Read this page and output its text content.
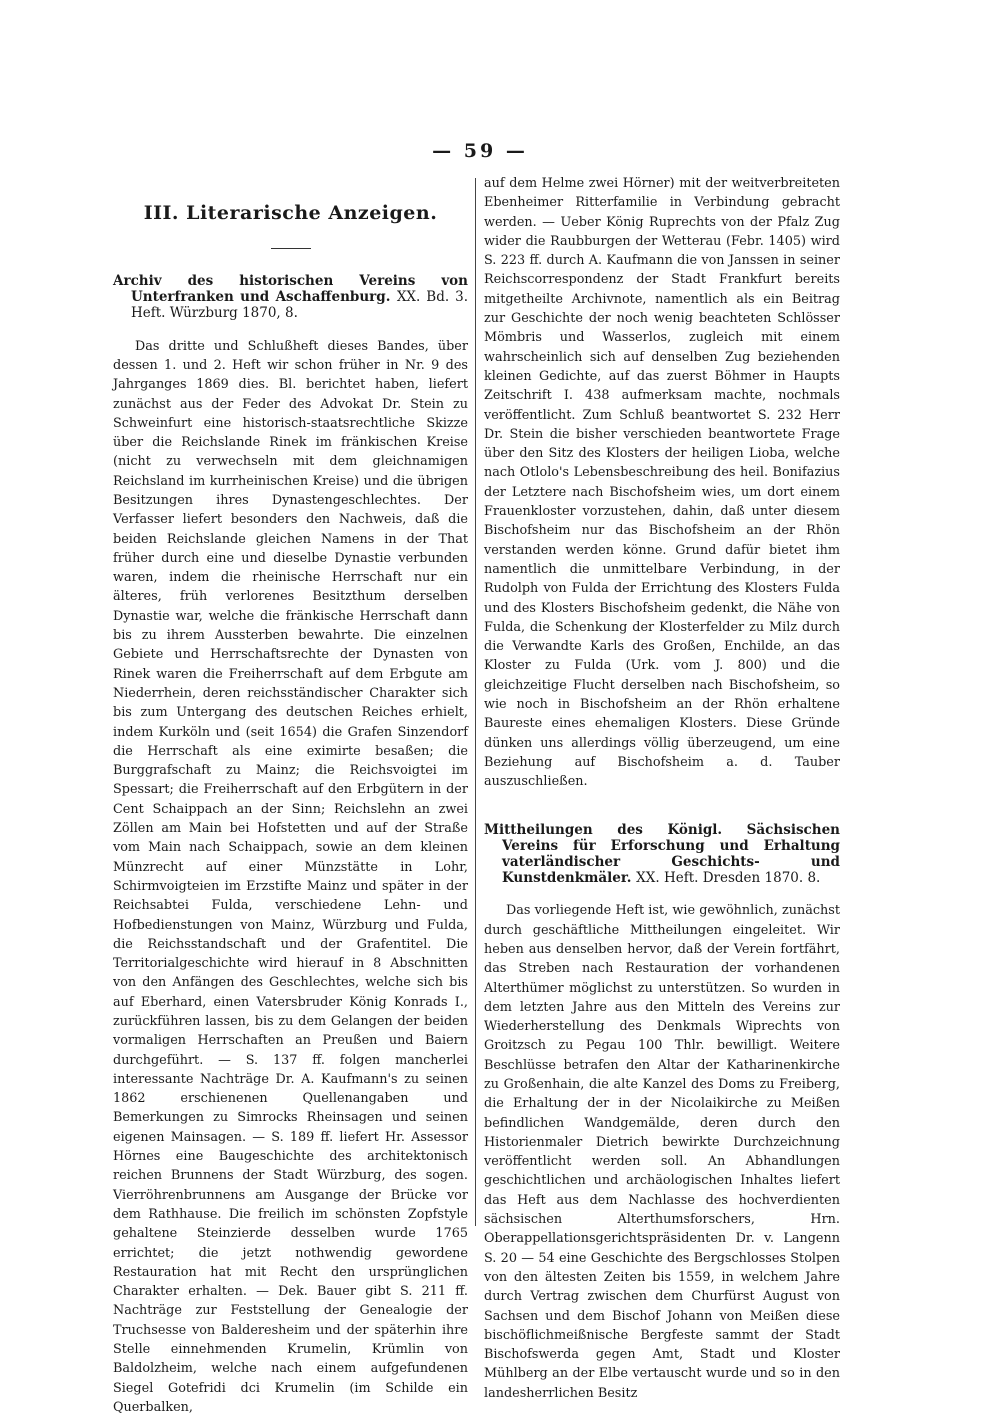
— 59 —
III. Literarische Anzeigen.

Archiv des historischen Vereins von Unterfranken und Aschaffenburg. XX. Bd. 3. Heft. Würzburg 1870, 8.

Das dritte und Schlußheft dieses Bandes, über dessen 1. und 2. Heft wir schon früher in Nr. 9 des Jahrganges 1869 dies. Bl. berichtet haben, liefert zunächst aus der Feder des Advokat Dr. Stein zu Schweinfurt eine historisch-staatsrechtliche Skizze über die Reichslande Rinek im fränkischen Kreise (nicht zu verwechseln mit dem gleichnamigen Reichsland im kurrheinischen Kreise) und die übrigen Besitzungen ihres Dynastengeschlechtes. Der Verfasser liefert besonders den Nachweis, daß die beiden Reichslande gleichen Namens in der That früher durch eine und dieselbe Dynastie verbunden waren, indem die rheinische Herrschaft nur ein älteres, früh verlorenes Besitzthum derselben Dynastie war, welche die fränkische Herrschaft dann bis zu ihrem Aussterben bewahrte. Die einzelnen Gebiete und Herrschaftsrechte der Dynasten von Rinek waren die Freiherrschaft auf dem Erbgute am Niederrhein, deren reichsständischer Charakter sich bis zum Untergang des deutschen Reiches erhielt, indem Kurköln und (seit 1654) die Grafen Sinzendorf die Herrschaft als eine eximirte besaßen; die Burggrafschaft zu Mainz; die Reichsvoigtei im Spessart; die Freiherrschaft auf den Erbgütern in der Cent Schaippach an der Sinn; Reichslehn an zwei Zöllen am Main bei Hofstetten und auf der Straße vom Main nach Schaippach, sowie an dem kleinen Münzrecht auf einer Münzstätte in Lohr, Schirmvoigteien im Erzstifte Mainz und später in der Reichsabtei Fulda, verschiedene Lehn- und Hofbedienstungen von Mainz, Würzburg und Fulda, die Reichsstandschaft und der Grafentitel. Die Territorialgeschichte wird hierauf in 8 Abschnitten von den Anfängen des Geschlechtes, welche sich bis auf Eberhard, einen Vatersbruder König Konrads I., zurückführen lassen, bis zu dem Gelangen der beiden vormaligen Herrschaften an Preußen und Baiern durchgeführt. — S. 137 ff. folgen mancherlei interessante Nachträge Dr. A. Kaufmann's zu seinen 1862 erschienenen Quellenangaben und Bemerkungen zu Simrocks Rheinsagen und seinen eigenen Mainsagen. — S. 189 ff. liefert Hr. Assessor Hörnes eine Baugeschichte des architektonisch reichen Brunnens der Stadt Würzburg, des sogen. Vierröhrenbrunnens am Ausgange der Brücke vor dem Rathhause. Die freilich im schönsten Zopfstyle gehaltene Steinzierde desselben wurde 1765 errichtet; die jetzt nothwendig gewordene Restauration hat mit Recht den ursprünglichen Charakter erhalten. — Dek. Bauer gibt S. 211 ff. Nachträge zur Feststellung der Genealogie der Truchsesse von Balderesheim und der späterhin ihre Stelle einnehmenden Krumelin, Krümlin von Baldolzheim, welche nach einem aufgefundenen Siegel Gotefridi dci Krumelin (im Schilde ein Querbalken,

auf dem Helme zwei Hörner) mit der weitverbreiteten Ebenheimer Ritterfamilie in Verbindung gebracht werden. — Ueber König Ruprechts von der Pfalz Zug wider die Raubburgen der Wetterau (Febr. 1405) wird S. 223 ff. durch A. Kaufmann die von Janssen in seiner Reichscorrespondenz der Stadt Frankfurt bereits mitgetheilte Archivnote, namentlich als ein Beitrag zur Geschichte der noch wenig beachteten Schlösser Mömbris und Wasserlos, zugleich mit einem wahrscheinlich sich auf denselben Zug beziehenden kleinen Gedichte, auf das zuerst Böhmer in Haupts Zeitschrift I. 438 aufmerksam machte, nochmals veröffentlicht. Zum Schluß beantwortet S. 232 Herr Dr. Stein die bisher verschieden beantwortete Frage über den Sitz des Klosters der heiligen Lioba, welche nach Otlolo's Lebensbeschreibung des heil. Bonifazius der Letztere nach Bischofsheim wies, um dort einem Frauenkloster vorzustehen, dahin, daß unter diesem Bischofsheim nur das Bischofsheim an der Rhön verstanden werden könne. Grund dafür bietet ihm namentlich die unmittelbare Verbindung, in der Rudolph von Fulda der Errichtung des Klosters Fulda und des Klosters Bischofsheim gedenkt, die Nähe von Fulda, die Schenkung der Klosterfelder zu Milz durch die Verwandte Karls des Großen, Enchilde, an das Kloster zu Fulda (Urk. vom J. 800) und die gleichzeitige Flucht derselben nach Bischofsheim, so wie noch in Bischofsheim an der Rhön erhaltene Baureste eines ehemaligen Klosters. Diese Gründe dünken uns allerdings völlig überzeugend, um eine Beziehung auf Bischofsheim a. d. Tauber auszuschließen.

Mittheilungen des Königl. Sächsischen Vereins für Erforschung und Erhaltung vaterländischer Geschichts- und Kunstdenkmäler. XX. Heft. Dresden 1870. 8.

Das vorliegende Heft ist, wie gewöhnlich, zunächst durch geschäftliche Mittheilungen eingeleitet. Wir heben aus denselben hervor, daß der Verein fortfährt, das Streben nach Restauration der vorhandenen Alterthümer möglichst zu unterstützen. So wurden in dem letzten Jahre aus den Mitteln des Vereins zur Wiederherstellung des Denkmals Wiprechts von Groitzsch zu Pegau 100 Thlr. bewilligt. Weitere Beschlüsse betrafen den Altar der Katharinenkirche zu Großenhain, die alte Kanzel des Doms zu Freiberg, die Erhaltung der in der Nicolaikirche zu Meißen befindlichen Wandgemälde, deren durch den Historienmaler Dietrich bewirkte Durchzeichnung veröffentlicht werden soll. An Abhandlungen geschichtlichen und archäologischen Inhaltes liefert das Heft aus dem Nachlasse des hochverdienten sächsischen Alterthumsforschers, Hrn. Oberappellationsgerichtspräsidenten Dr. v. Langenn S. 20 — 54 eine Geschichte des Bergschlosses Stolpen von den ältesten Zeiten bis 1559, in welchem Jahre durch Vertrag zwischen dem Churfürst August von Sachsen und dem Bischof Johann von Meißen diese bischöflichmeißnische Bergfeste sammt der Stadt Bischofswerda gegen Amt, Stadt und Kloster Mühlberg an der Elbe vertauscht wurde und so in den landesherrlichen Besitz
